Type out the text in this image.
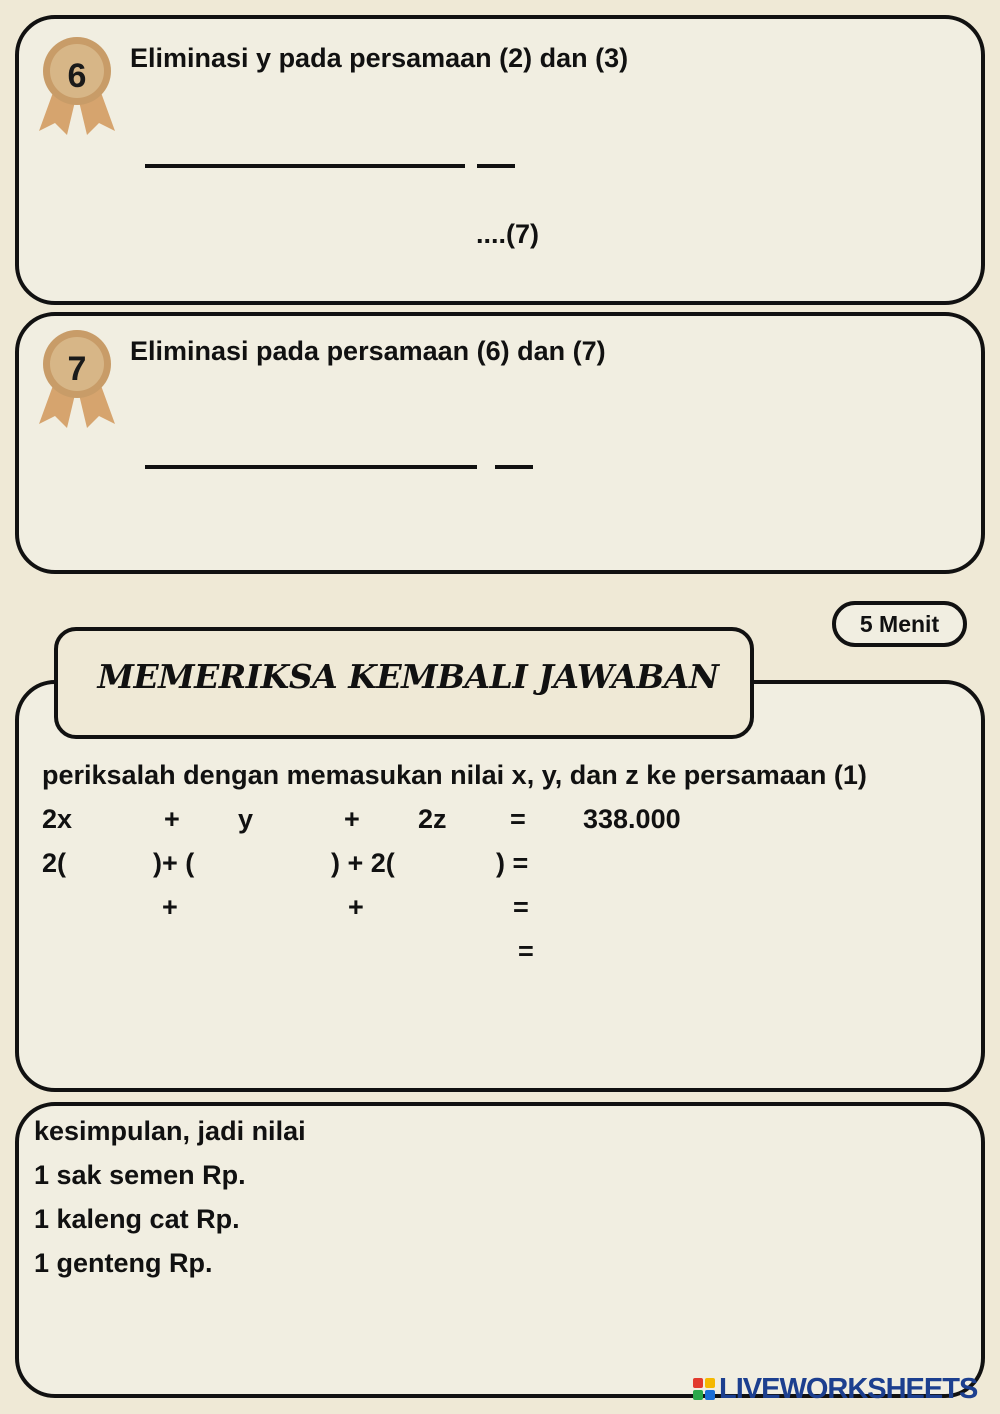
6	Eliminasi y pada persamaan (2) dan (3)
....(7)
7	Eliminasi pada persamaan (6) dan (7)
5 Menit
MEMERIKSA KEMBALI JAWABAN
periksalah dengan memasukan nilai x, y, dan z ke persamaan (1)
2x	+ y	+ 2z = 338.000
2(	)+ (	) + 2(	) =
+	+	=
=
kesimpulan, jadi nilai
1 sak semen Rp.
1 kaleng cat Rp.
1 genteng Rp.
LIVEWORKSHEETS
